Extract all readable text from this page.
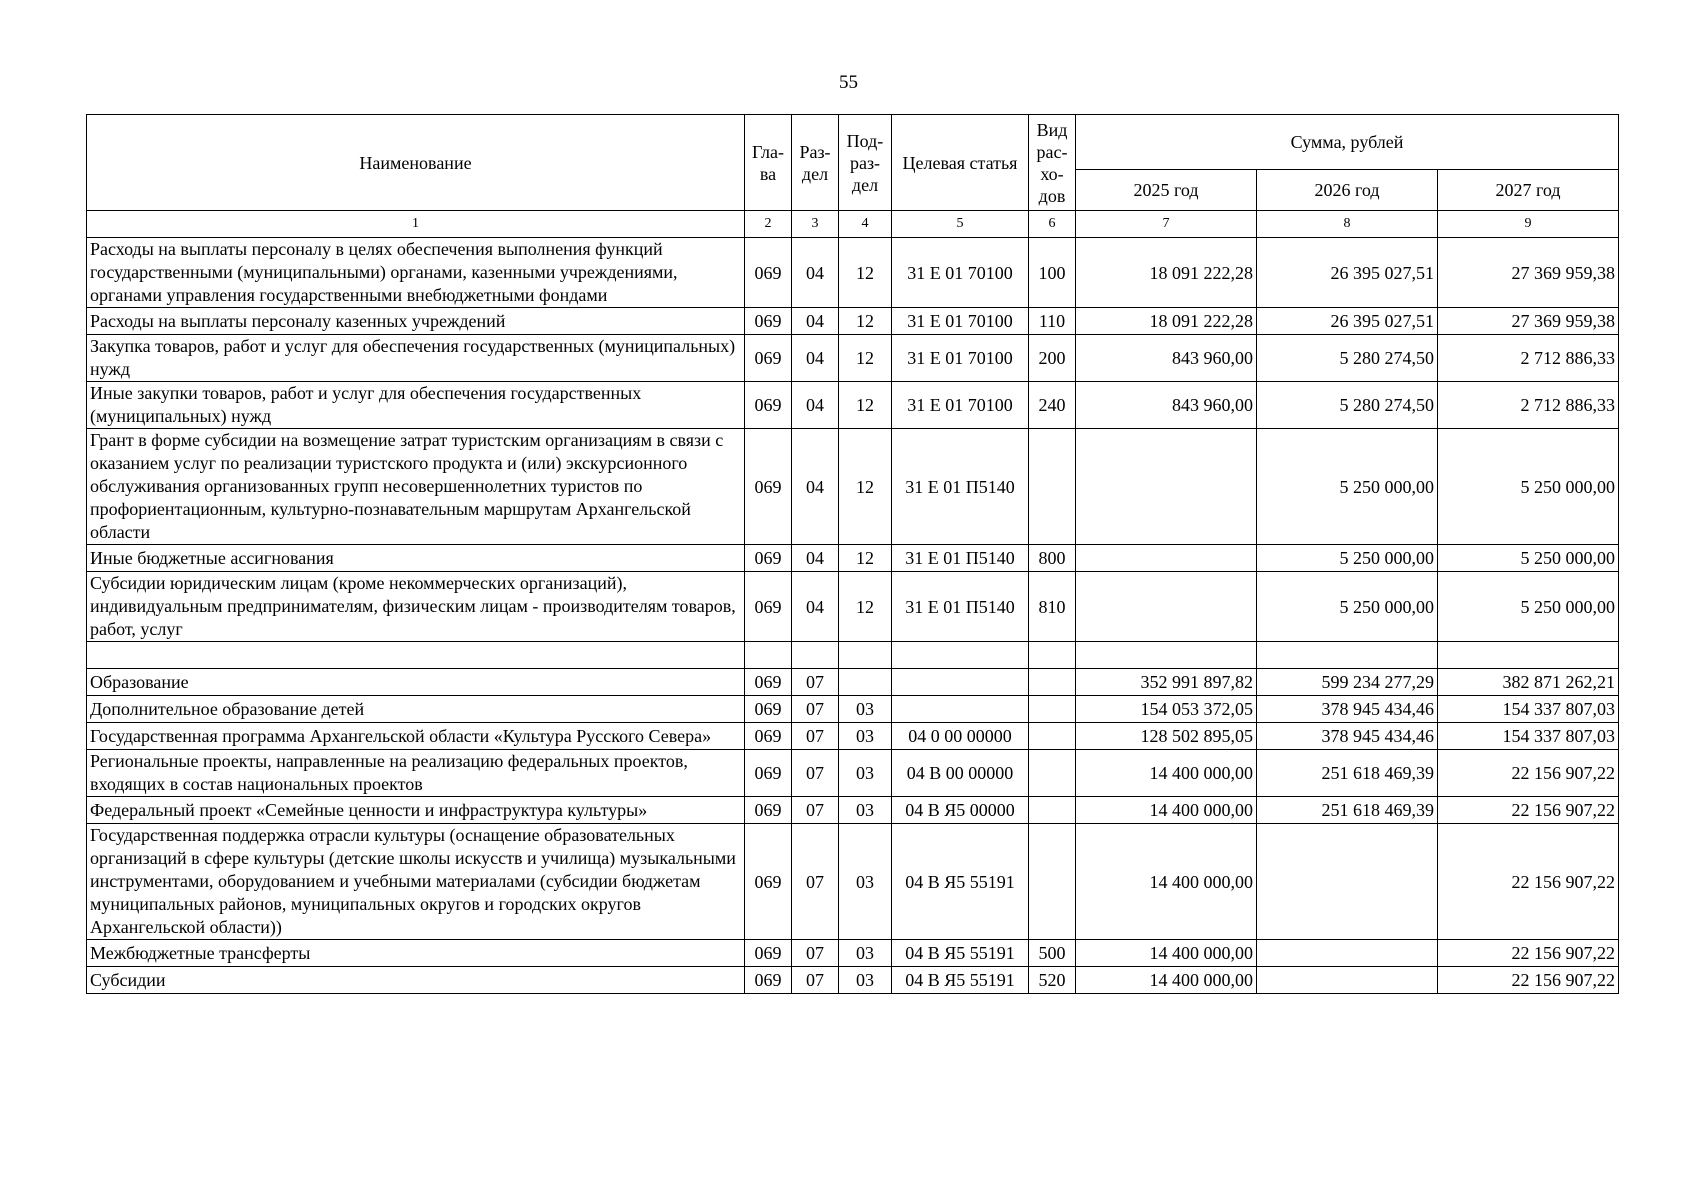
55
Наименование	Гла- ва	Раз- дел	Под- раз- дел	Целевая статья	Вид рас- хо- дов	Сумма, рублей		
						2025 год	2026 год	2027 год
1	2	3	4	5	6	7	8	9
Расходы на выплаты персоналу в целях обеспечения выполнения функций государственными (муниципальными) органами, казенными учреждениями, органами управления государственными внебюджетными фондами	069	04	12	31 Е 01 70100	100	18 091 222,28	26 395 027,51	27 369 959,38
Расходы на выплаты персоналу казенных учреждений	069	04	12	31 Е 01 70100	110	18 091 222,28	26 395 027,51	27 369 959,38
Закупка товаров, работ и услуг для обеспечения государственных (муниципальных) нужд	069	04	12	31 Е 01 70100	200	843 960,00	5 280 274,50	2 712 886,33
Иные закупки товаров, работ и услуг для обеспечения государственных (муниципальных) нужд	069	04	12	31 Е 01 70100	240	843 960,00	5 280 274,50	2 712 886,33
Грант в форме субсидии на возмещение затрат туристским организациям в связи с оказанием услуг по реализации туристского продукта и (или) экскурсионного обслуживания организованных групп несовершеннолетних туристов по профориентационным, культурно-познавательным маршрутам Архангельской области	069	04	12	31 Е 01 П5140			5 250 000,00	5 250 000,00
Иные бюджетные ассигнования	069	04	12	31 Е 01 П5140	800		5 250 000,00	5 250 000,00
Субсидии юридическим лицам (кроме некоммерческих организаций), индивидуальным предпринимателям, физическим лицам - производителям товаров, работ, услуг	069	04	12	31 Е 01 П5140	810		5 250 000,00	5 250 000,00

Образование	069	07				352 991 897,82	599 234 277,29	382 871 262,21
Дополнительное образование детей	069	07	03			154 053 372,05	378 945 434,46	154 337 807,03
Государственная программа Архангельской области «Культура Русского Севера»	069	07	03	04 0 00 00000		128 502 895,05	378 945 434,46	154 337 807,03
Региональные проекты, направленные на реализацию федеральных проектов, входящих в состав национальных проектов	069	07	03	04 В 00 00000		14 400 000,00	251 618 469,39	22 156 907,22
Федеральный проект «Семейные ценности и инфраструктура культуры»	069	07	03	04 В Я5 00000		14 400 000,00	251 618 469,39	22 156 907,22
Государственная поддержка отрасли культуры (оснащение образовательных организаций в сфере культуры (детские школы искусств и училища) музыкальными инструментами, оборудованием и учебными материалами (субсидии бюджетам муниципальных районов, муниципальных округов и городских округов Архангельской области))	069	07	03	04 В Я5 55191		14 400 000,00		22 156 907,22
Межбюджетные трансферты	069	07	03	04 В Я5 55191	500	14 400 000,00		22 156 907,22
Субсидии	069	07	03	04 В Я5 55191	520	14 400 000,00		22 156 907,22
